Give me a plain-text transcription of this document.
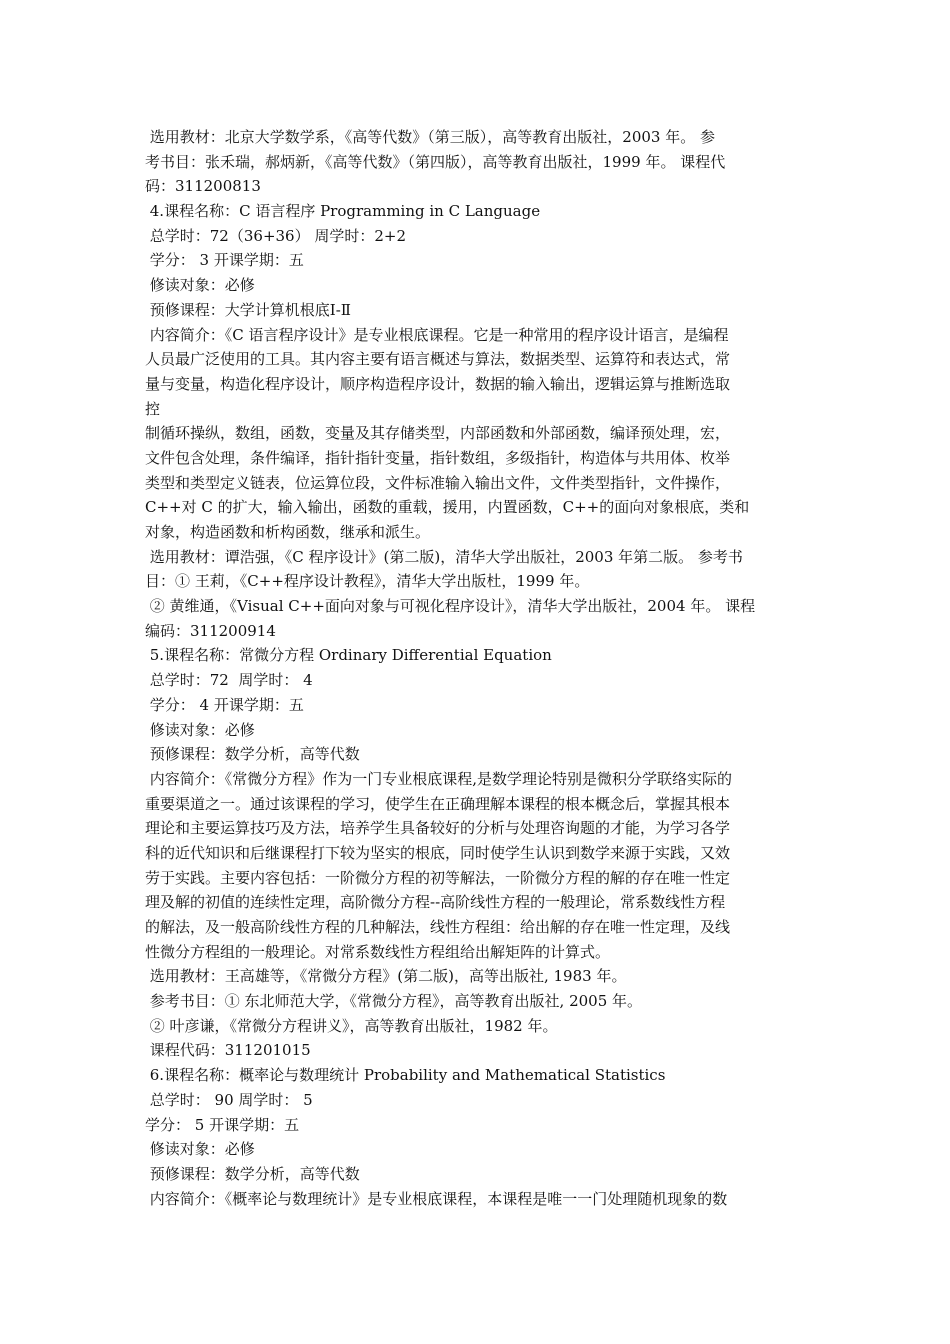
选用教材：北京大学数学系，《高等代数》（第三版），高等教育出版社，2003 年。 参
考书目：张禾瑞，郝炳新，《高等代数》（第四版），高等教育出版社，1999 年。 课程代
码：311200813
4.课程名称：C 语言程序 Programming in C Language
总学时：72（36+36） 周学时：2+2
学分： 3 开课学期：五
修读对象：必修
预修课程：大学计算机根底Ⅰ-Ⅱ
内容简介：《C 语言程序设计》是专业根底课程。它是一种常用的程序设计语言，是编程
人员最广泛使用的工具。其内容主要有语言概述与算法，数据类型、运算符和表达式，常
量与变量，构造化程序设计，顺序构造程序设计，数据的输入输出，逻辑运算与推断选取
控
制循环操纵，数组，函数，变量及其存储类型，内部函数和外部函数，编译预处理，宏，
文件包含处理，条件编译，指针指针变量，指针数组，多级指针，构造体与共用体、枚举
类型和类型定义链表，位运算位段，文件标准输入输出文件，文件类型指针，文件操作，
C++对 C 的扩大，输入输出，函数的重载，援用，内置函数，C++的面向对象根底，类和
对象，构造函数和析构函数，继承和派生。
选用教材：谭浩强，《C 程序设计》(第二版)，清华大学出版社，2003 年第二版。 参考书
目：① 王莉，《C++程序设计教程》，清华大学出版杜，1999 年。
② 黄维通，《Visual C++面向对象与可视化程序设计》，清华大学出版社，2004 年。 课程
编码：311200914
5.课程名称：常微分方程 Ordinary Differential Equation
总学时：72  周学时： 4
学分： 4 开课学期：五
修读对象：必修
预修课程：数学分析，高等代数
内容简介：《常微分方程》作为一门专业根底课程,是数学理论特别是微积分学联络实际的
重要渠道之一。通过该课程的学习，使学生在正确理解本课程的根本概念后，掌握其根本
理论和主要运算技巧及方法，培养学生具备较好的分析与处理咨询题的才能，为学习各学
科的近代知识和后继课程打下较为坚实的根底，同时使学生认识到数学来源于实践，又效
劳于实践。主要内容包括：一阶微分方程的初等解法，一阶微分方程的解的存在唯一性定
理及解的初值的连续性定理，高阶微分方程--高阶线性方程的一般理论，常系数线性方程
的解法，及一般高阶线性方程的几种解法，线性方程组：给出解的存在唯一性定理，及线
性微分方程组的一般理论。对常系数线性方程组给出解矩阵的计算式。
选用教材：王高雄等，《常微分方程》(第二版)，高等出版社, 1983 年。
参考书目：① 东北师范大学，《常微分方程》，高等教育出版社, 2005 年。
② 叶彦谦，《常微分方程讲义》，高等教育出版社，1982 年。
课程代码：311201015
6.课程名称：概率论与数理统计 Probability and Mathematical Statistics
总学时： 90 周学时： 5
学分： 5 开课学期：五
修读对象：必修
预修课程：数学分析，高等代数
内容简介：《概率论与数理统计》是专业根底课程，本课程是唯一一门处理随机现象的数
